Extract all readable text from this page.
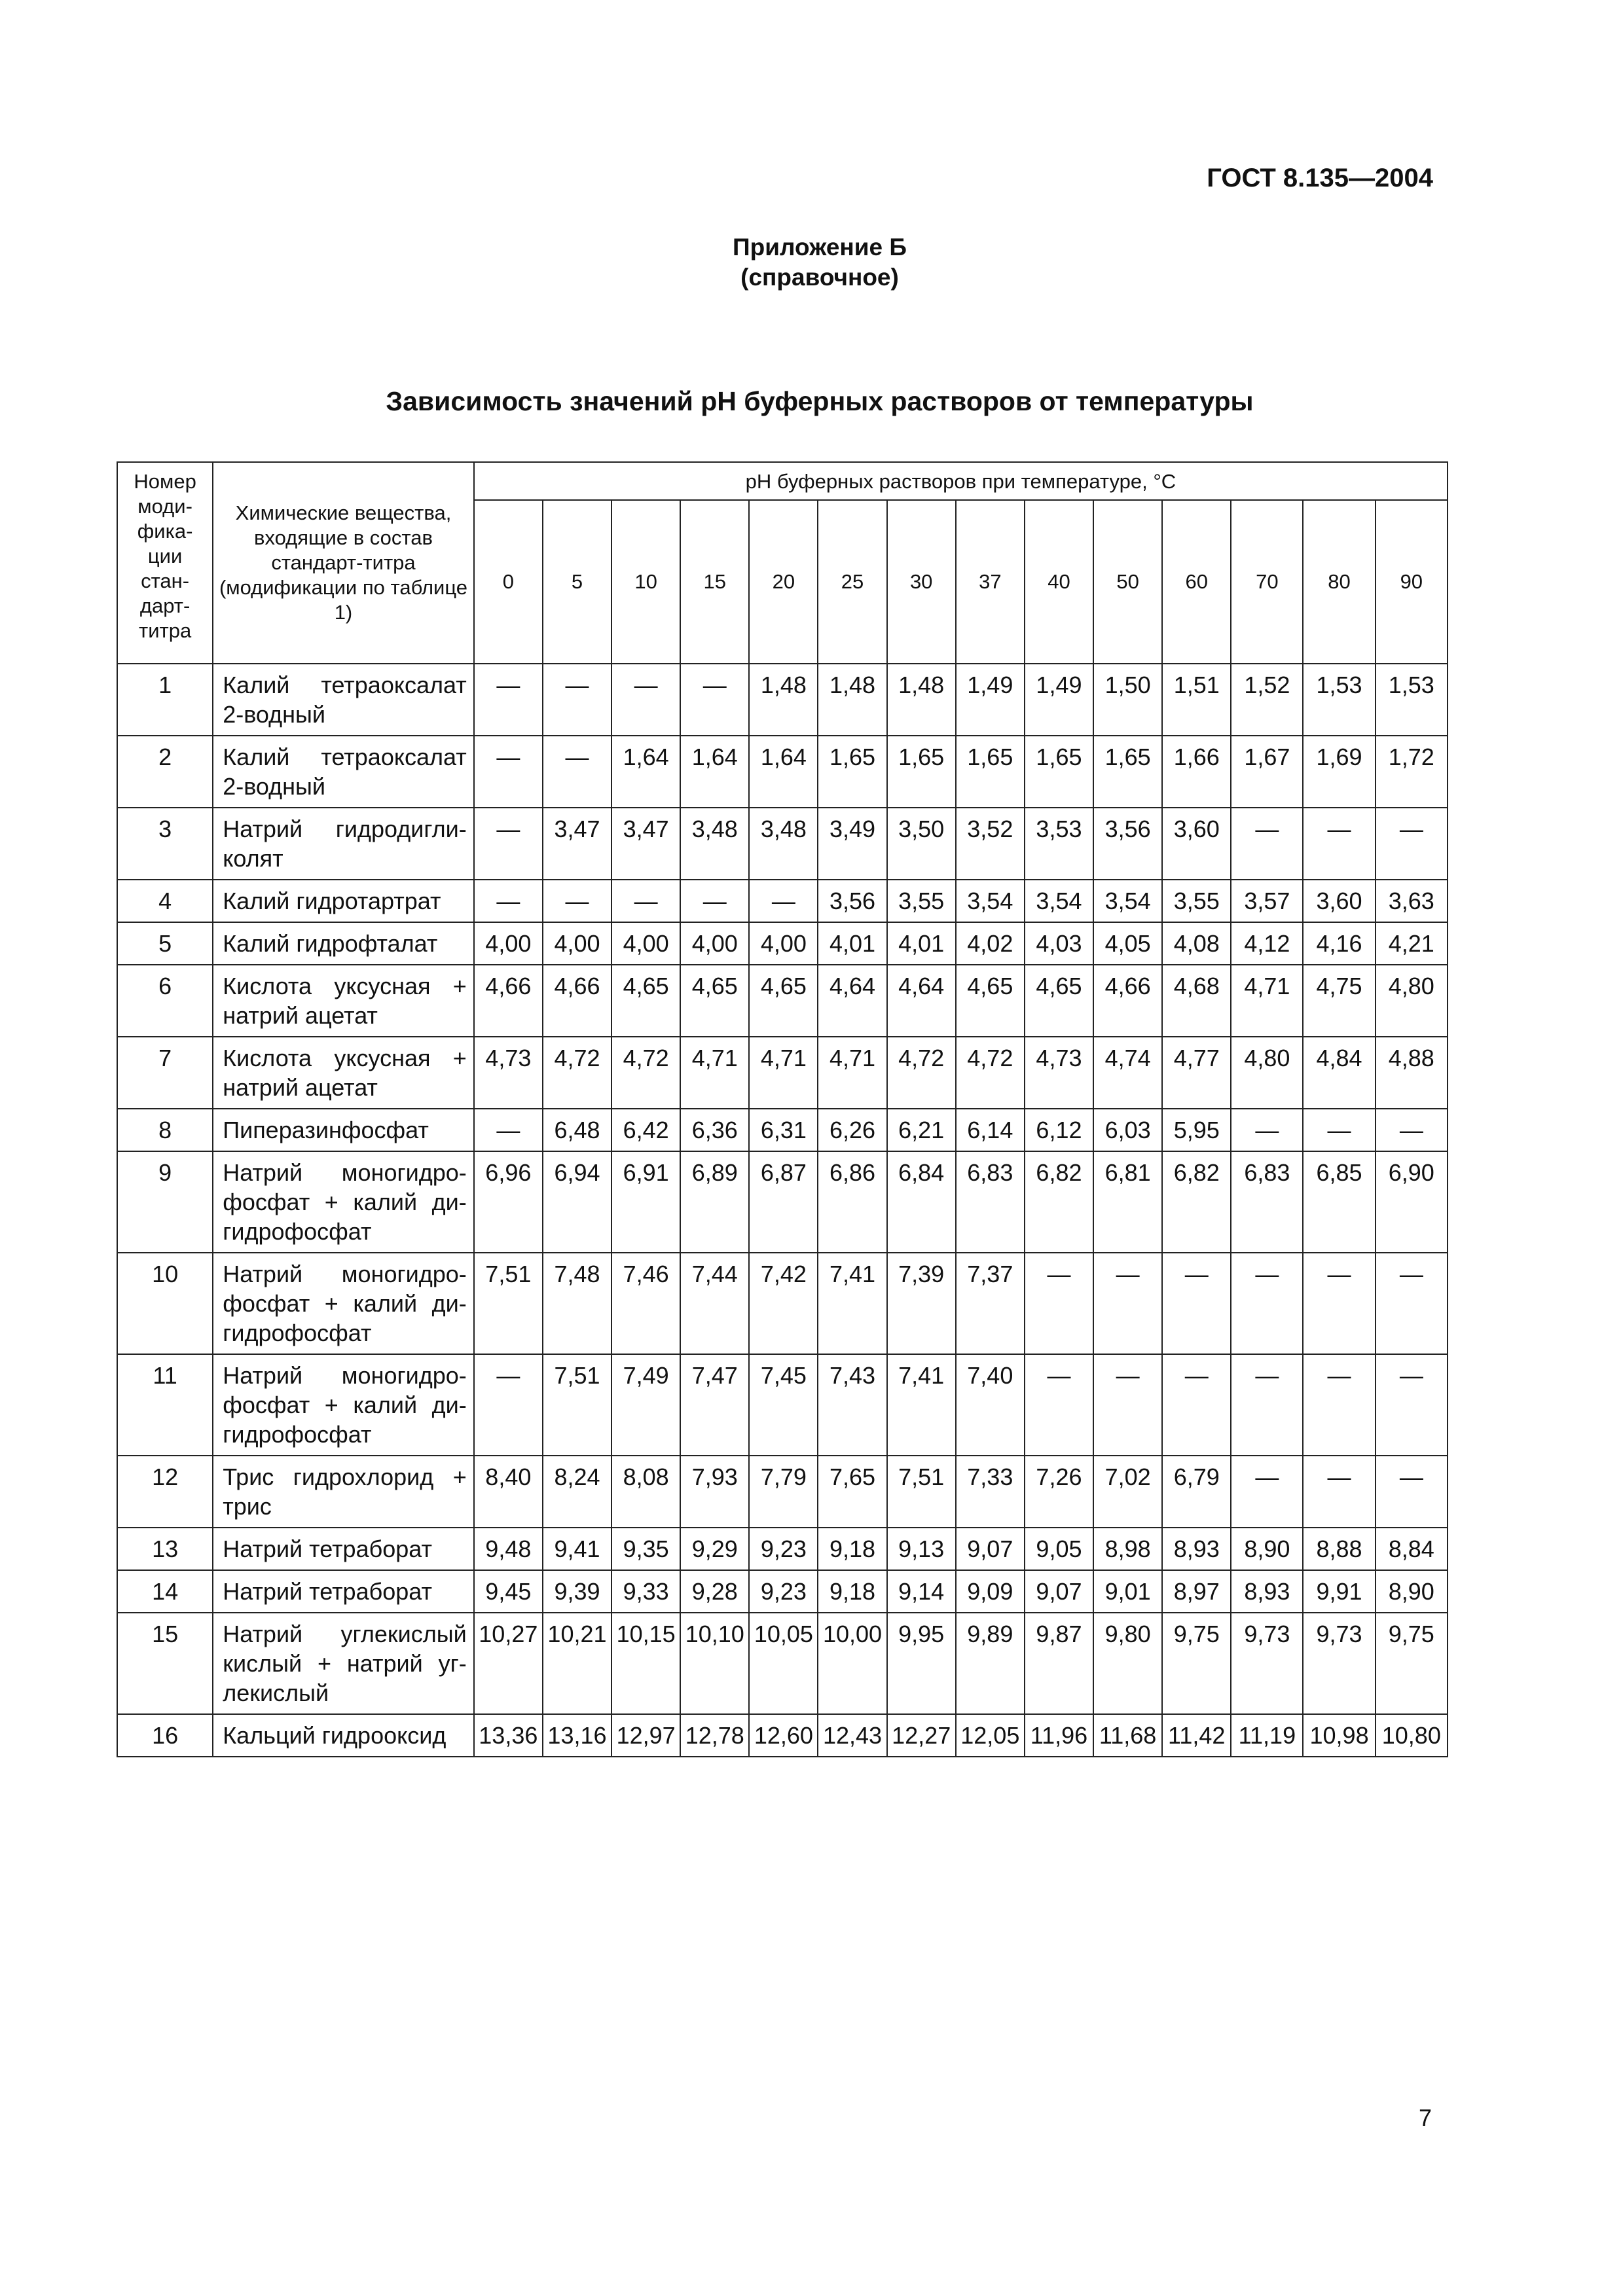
ГОСТ 8.135—2004
Приложение Б
(справочное)
Зависимость значений pH буферных растворов от температуры
Номер моди-фика-ции стан-дарт-титра	Химические вещества, входящие в состав стандарт-титра (модификации по таблице 1)	pH буферных растворов при температуре, °С													
		0	5	10	15	20	25	30	37	40	50	60	70	80	90
1	Калий тетраоксалат 2-водный	—	—	—	—	1,48	1,48	1,48	1,49	1,49	1,50	1,51	1,52	1,53	1,53
2	Калий тетраоксалат 2-водный	—	—	1,64	1,64	1,64	1,65	1,65	1,65	1,65	1,65	1,66	1,67	1,69	1,72
3	Натрий гидродигли-колят	—	3,47	3,47	3,48	3,48	3,49	3,50	3,52	3,53	3,56	3,60	—	—	—
4	Калий гидротартрат	—	—	—	—	—	3,56	3,55	3,54	3,54	3,54	3,55	3,57	3,60	3,63
5	Калий гидрофталат	4,00	4,00	4,00	4,00	4,00	4,01	4,01	4,02	4,03	4,05	4,08	4,12	4,16	4,21
6	Кислота уксусная + натрий ацетат	4,66	4,66	4,65	4,65	4,65	4,64	4,64	4,65	4,65	4,66	4,68	4,71	4,75	4,80
7	Кислота уксусная + натрий ацетат	4,73	4,72	4,72	4,71	4,71	4,71	4,72	4,72	4,73	4,74	4,77	4,80	4,84	4,88
8	Пиперазинфосфат	—	6,48	6,42	6,36	6,31	6,26	6,21	6,14	6,12	6,03	5,95	—	—	—
9	Натрий моногидро-фосфат + калий ди-гидрофосфат	6,96	6,94	6,91	6,89	6,87	6,86	6,84	6,83	6,82	6,81	6,82	6,83	6,85	6,90
10	Натрий моногидро-фосфат + калий ди-гидрофосфат	7,51	7,48	7,46	7,44	7,42	7,41	7,39	7,37	—	—	—	—	—	—
11	Натрий моногидро-фосфат + калий ди-гидрофосфат	—	7,51	7,49	7,47	7,45	7,43	7,41	7,40	—	—	—	—	—	—
12	Трис гидрохлорид + трис	8,40	8,24	8,08	7,93	7,79	7,65	7,51	7,33	7,26	7,02	6,79	—	—	—
13	Натрий тетраборат	9,48	9,41	9,35	9,29	9,23	9,18	9,13	9,07	9,05	8,98	8,93	8,90	8,88	8,84
14	Натрий тетраборат	9,45	9,39	9,33	9,28	9,23	9,18	9,14	9,09	9,07	9,01	8,97	8,93	9,91	8,90
15	Натрий углекислый кислый + натрий уг-лекислый	10,27	10,21	10,15	10,10	10,05	10,00	9,95	9,89	9,87	9,80	9,75	9,73	9,73	9,75
16	Кальций гидрооксид	13,36	13,16	12,97	12,78	12,60	12,43	12,27	12,05	11,96	11,68	11,42	11,19	10,98	10,80
7
